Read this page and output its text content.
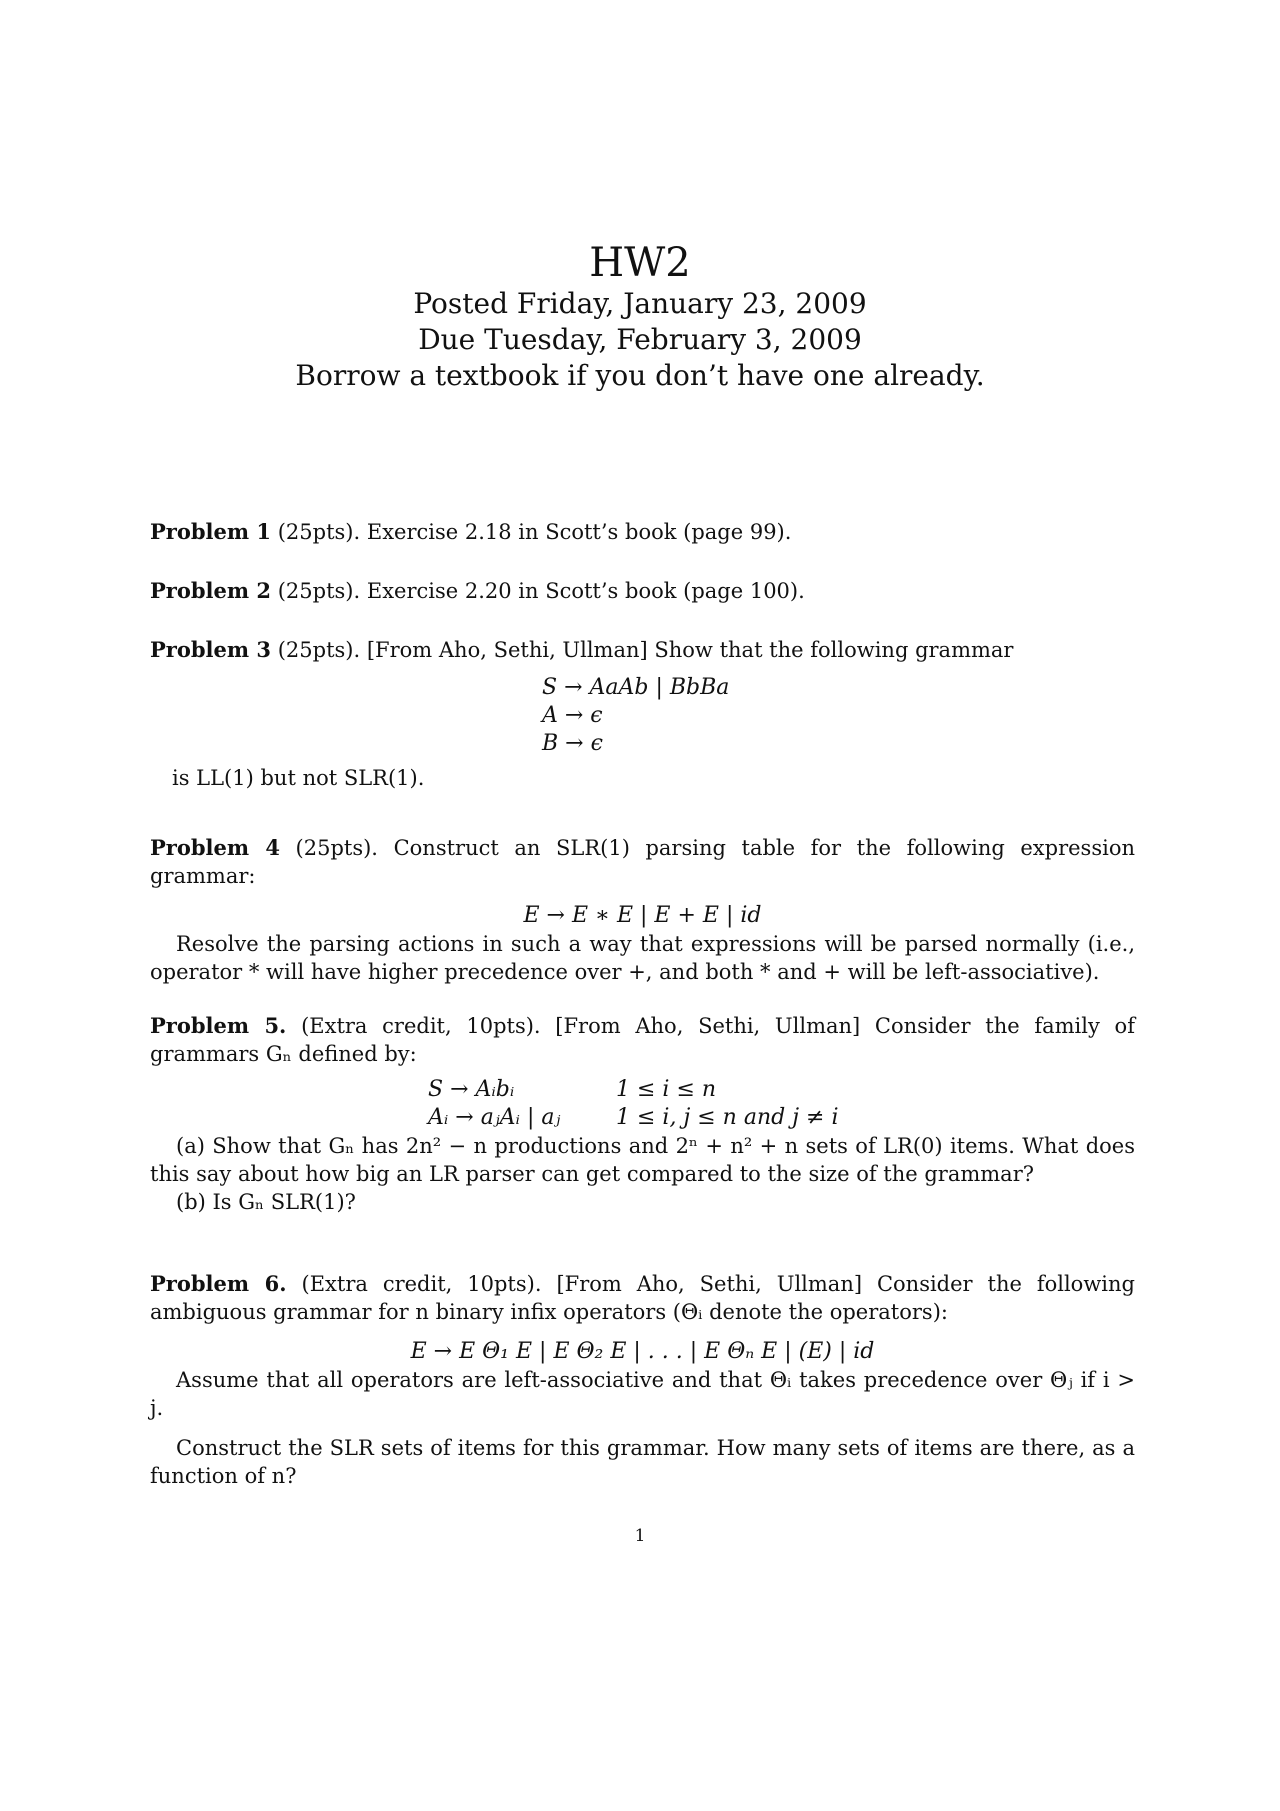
HW2
Posted Friday, January 23, 2009
Due Tuesday, February 3, 2009
Borrow a textbook if you don’t have one already.

Problem 1 (25pts). Exercise 2.18 in Scott’s book (page 99).

Problem 2 (25pts). Exercise 2.20 in Scott’s book (page 100).

Problem 3 (25pts). [From Aho, Sethi, Ullman] Show that the following grammar

S → AaAb | BbBa
A → ϵ
B → ϵ

is LL(1) but not SLR(1).

Problem 4 (25pts). Construct an SLR(1) parsing table for the following expression grammar:

E → E ∗ E | E + E | id

Resolve the parsing actions in such a way that expressions will be parsed normally (i.e., operator * will have higher precedence over +, and both * and + will be left-associative).

Problem 5. (Extra credit, 10pts). [From Aho, Sethi, Ullman] Consider the family of grammars Gₙ defined by:

S → Aᵢbᵢ	1 ≤ i ≤ n
Aᵢ → aⱼAᵢ | aⱼ	1 ≤ i, j ≤ n and j ≠ i

(a) Show that Gₙ has 2n² − n productions and 2ⁿ + n² + n sets of LR(0) items. What does this say about how big an LR parser can get compared to the size of the grammar?

(b) Is Gₙ SLR(1)?

Problem 6. (Extra credit, 10pts). [From Aho, Sethi, Ullman] Consider the following ambiguous grammar for n binary infix operators (Θᵢ denote the operators):

E → E Θ₁ E | E Θ₂ E | . . . | E Θₙ E | (E) | id

Assume that all operators are left-associative and that Θᵢ takes precedence over Θⱼ if i > j.

Construct the SLR sets of items for this grammar. How many sets of items are there, as a function of n?

1
